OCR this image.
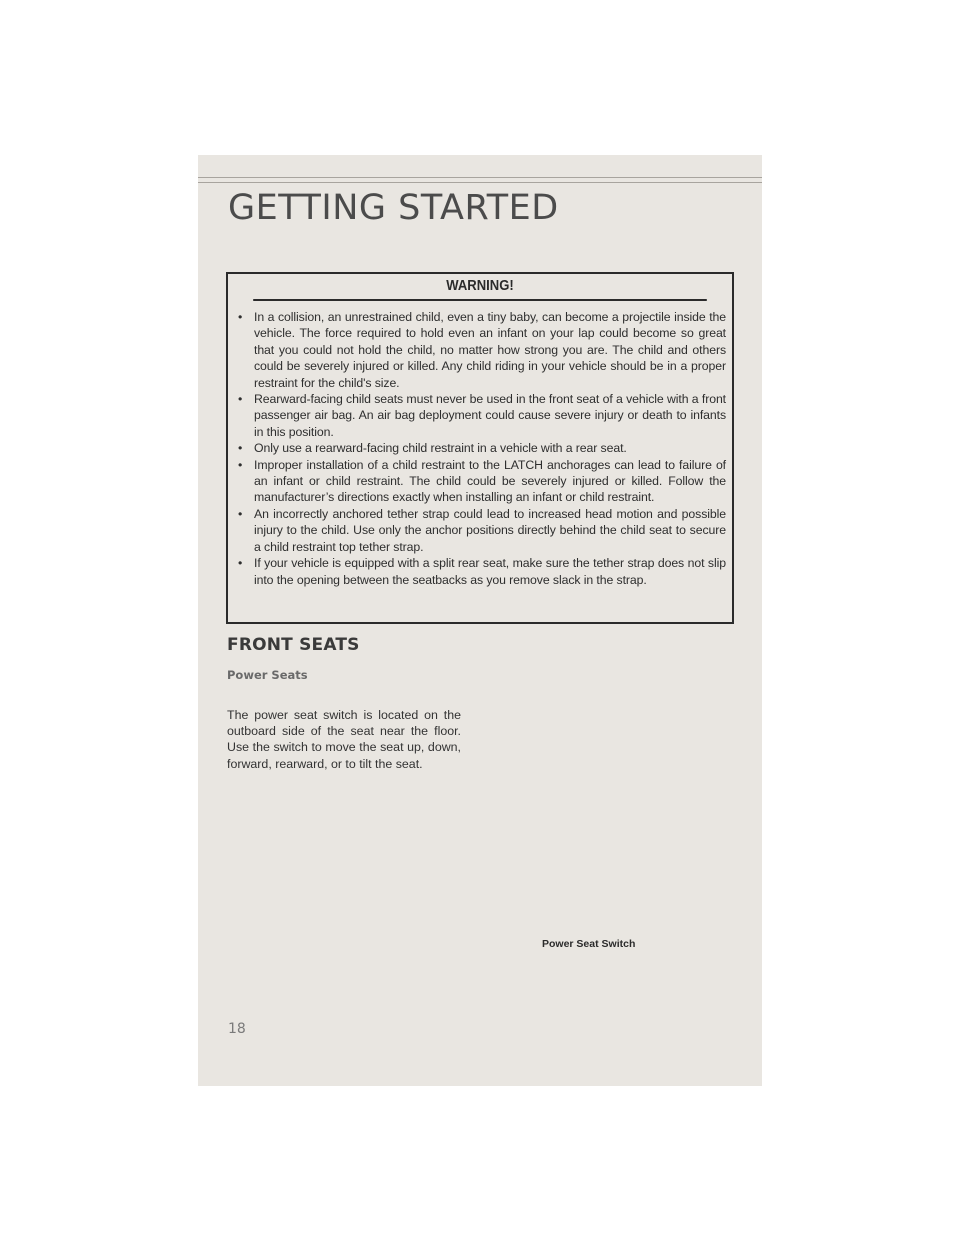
GETTING STARTED
WARNING!
• In a collision, an unrestrained child, even a tiny baby, can become a projectile inside the vehicle. The force required to hold even an infant on your lap could become so great that you could not hold the child, no matter how strong you are. The child and others could be severely injured or killed. Any child riding in your vehicle should be in a proper restraint for the child's size.
• Rearward-facing child seats must never be used in the front seat of a vehicle with a front passenger air bag. An air bag deployment could cause severe injury or death to infants in this position.
• Only use a rearward-facing child restraint in a vehicle with a rear seat.
• Improper installation of a child restraint to the LATCH anchorages can lead to failure of an infant or child restraint. The child could be severely injured or killed. Follow the manufacturer’s directions exactly when installing an infant or child restraint.
• An incorrectly anchored tether strap could lead to increased head motion and possible injury to the child. Use only the anchor positions directly behind the child seat to secure a child restraint top tether strap.
• If your vehicle is equipped with a split rear seat, make sure the tether strap does not slip into the opening between the seatbacks as you remove slack in the strap.
FRONT SEATS
Power Seats

The power seat switch is located on the outboard side of the seat near the floor. Use the switch to move the seat up, down, forward, rearward, or to tilt the seat.

Power Seat Switch
18
